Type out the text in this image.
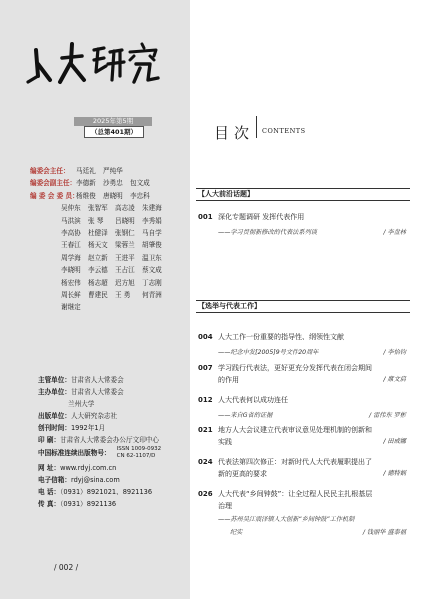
2025年第5期
（总第401期）
编委会主任： 马廷礼 严纯华
编委会副主任：李德新 沙勇忠 包文成
编 委 会 委 员：杨维俊 唐晓明 李忠科
吴仲东 张智军 高志凌 朱建海
马洪滨 张 琴 吕晓明 李秀娟
李高协 杜健泽 张钢仁 马自学
王春江 杨天文 梁蓉兰 胡肇俊
周学海 赵立新 王进平 温卫东
李晓明 李云德 王占江 蔡文成
杨宏伟 杨志超 迟方旭 丁志刚
周长鲜 曹建民 王 勇 何青洲
谢继定
主管单位：甘肃省人大常委会
主办单位：甘肃省人大常委会
兰州大学
出版单位：人大研究杂志社
创刊时间：1992年1月
印 刷：甘肃省人大常委会办公厅文印中心
中国标准连续出版物号： ISSN 1009-0932
CN 62-1107/D
网 址：www.rdyj.com.cn
电子信箱：rdyj@sina.com
电 话：（0931）8921021、8921136
传 真：（0931）8921136
/ 002 /
目次 CONTENTS
【人大前沿话题】
001 深化专题调研 发挥代表作用
——学习贯彻新修改的代表法系列谈	/ 李盘林
【选举与代表工作】
004 人大工作一份重要的指导性、纲领性文献
——纪念中发[2005]9号文件20周年	/ 李怡钧
007 学习践行代表法，更好更充分发挥代表在闭会期间
的作用	/ 席文启
012 人大代表何以成功连任
——来自G省的证据	/ 雷伟东 罗彬
021 地方人大会议建立代表审议意见处理机制的创新和
实践	/ 田成娜
024 代表法第四次修正：对新时代人大代表履职提出了
新的更高的要求	/ 德特娲
026 人大代表“乡间钟鼓”：让全过程人民民主扎根基层
治理
——苏州吴江震泽镇人大创新“乡间钟鼓”工作机制
纪实	/ 钱丽华 盛泰福
